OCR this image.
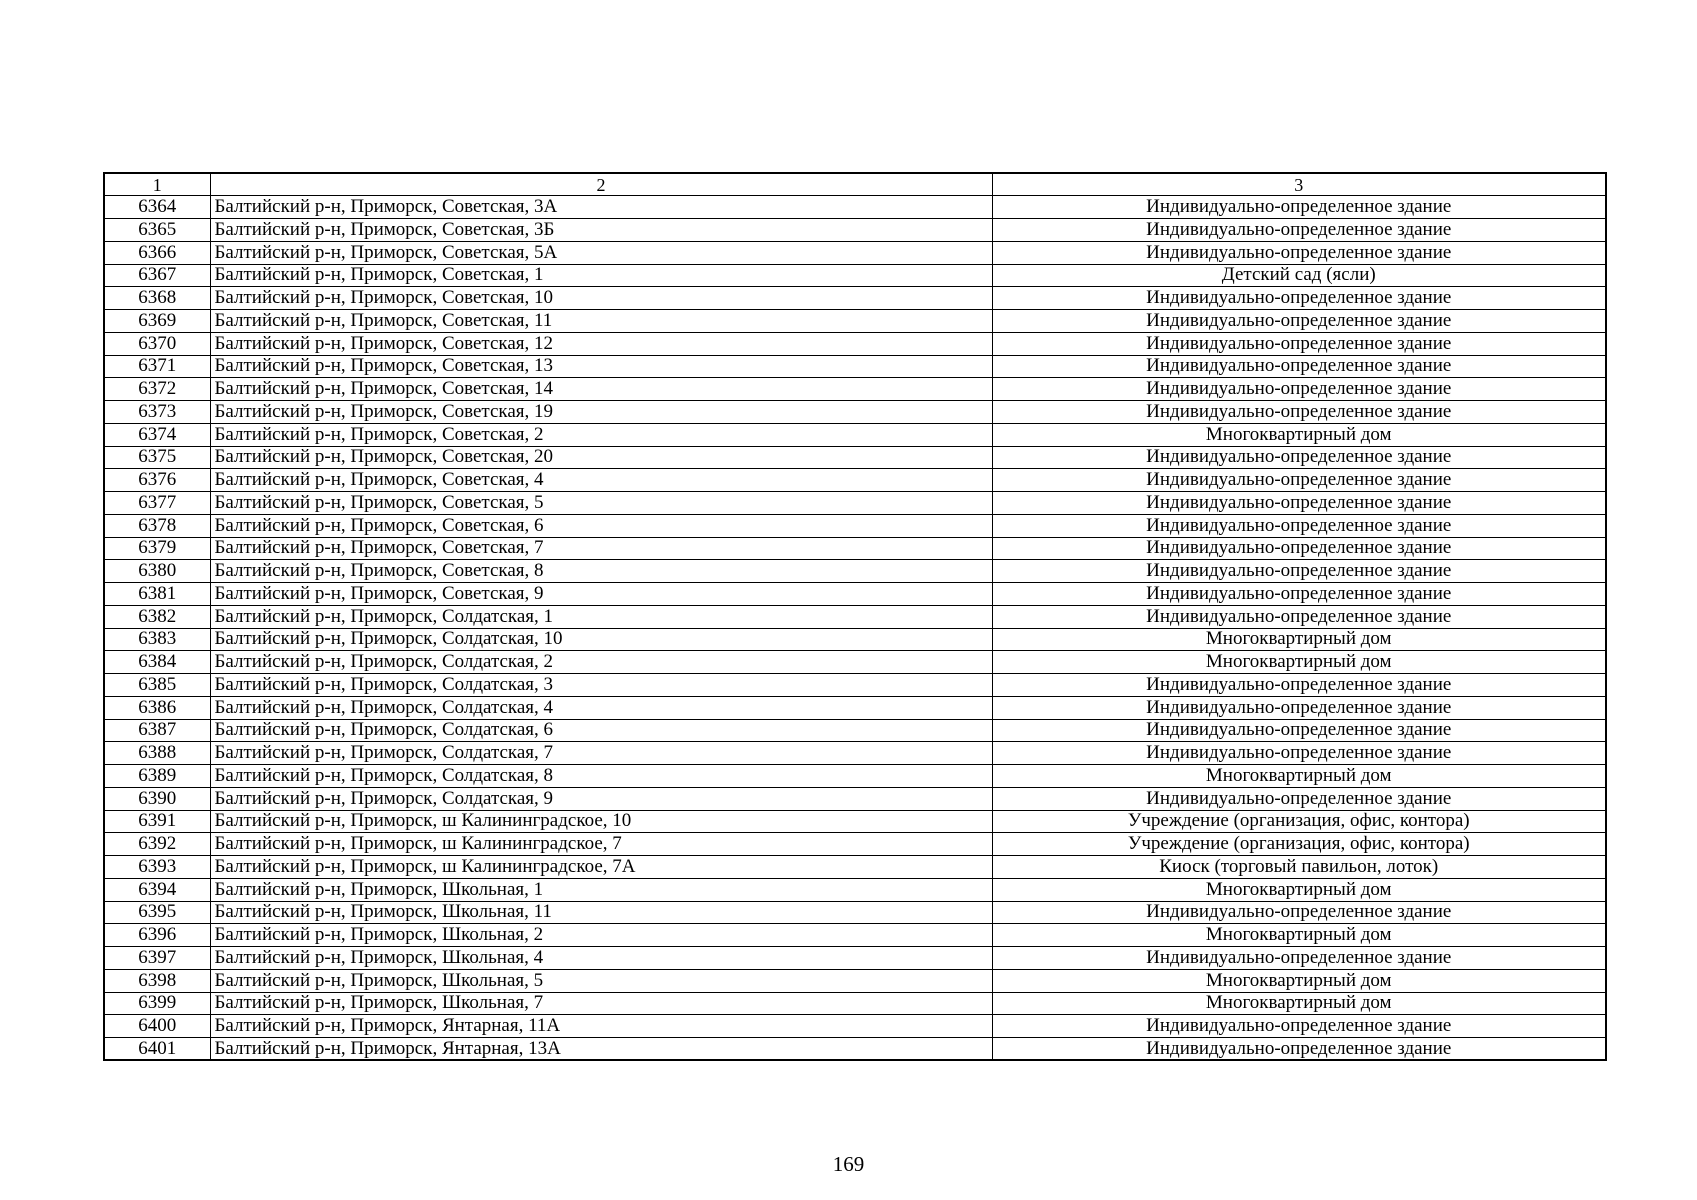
1	2	3
6364	Балтийский р-н, Приморск, Советская, 3А	Индивидуально-определенное здание
6365	Балтийский р-н, Приморск, Советская, 3Б	Индивидуально-определенное здание
6366	Балтийский р-н, Приморск, Советская, 5А	Индивидуально-определенное здание
6367	Балтийский р-н, Приморск, Советская, 1	Детский сад (ясли)
6368	Балтийский р-н, Приморск, Советская, 10	Индивидуально-определенное здание
6369	Балтийский р-н, Приморск, Советская, 11	Индивидуально-определенное здание
6370	Балтийский р-н, Приморск, Советская, 12	Индивидуально-определенное здание
6371	Балтийский р-н, Приморск, Советская, 13	Индивидуально-определенное здание
6372	Балтийский р-н, Приморск, Советская, 14	Индивидуально-определенное здание
6373	Балтийский р-н, Приморск, Советская, 19	Индивидуально-определенное здание
6374	Балтийский р-н, Приморск, Советская, 2	Многоквартирный дом
6375	Балтийский р-н, Приморск, Советская, 20	Индивидуально-определенное здание
6376	Балтийский р-н, Приморск, Советская, 4	Индивидуально-определенное здание
6377	Балтийский р-н, Приморск, Советская, 5	Индивидуально-определенное здание
6378	Балтийский р-н, Приморск, Советская, 6	Индивидуально-определенное здание
6379	Балтийский р-н, Приморск, Советская, 7	Индивидуально-определенное здание
6380	Балтийский р-н, Приморск, Советская, 8	Индивидуально-определенное здание
6381	Балтийский р-н, Приморск, Советская, 9	Индивидуально-определенное здание
6382	Балтийский р-н, Приморск, Солдатская, 1	Индивидуально-определенное здание
6383	Балтийский р-н, Приморск, Солдатская, 10	Многоквартирный дом
6384	Балтийский р-н, Приморск, Солдатская, 2	Многоквартирный дом
6385	Балтийский р-н, Приморск, Солдатская, 3	Индивидуально-определенное здание
6386	Балтийский р-н, Приморск, Солдатская, 4	Индивидуально-определенное здание
6387	Балтийский р-н, Приморск, Солдатская, 6	Индивидуально-определенное здание
6388	Балтийский р-н, Приморск, Солдатская, 7	Индивидуально-определенное здание
6389	Балтийский р-н, Приморск, Солдатская, 8	Многоквартирный дом
6390	Балтийский р-н, Приморск, Солдатская, 9	Индивидуально-определенное здание
6391	Балтийский р-н, Приморск, ш Калининградское, 10	Учреждение (организация, офис, контора)
6392	Балтийский р-н, Приморск, ш Калининградское, 7	Учреждение (организация, офис, контора)
6393	Балтийский р-н, Приморск, ш Калининградское, 7А	Киоск (торговый павильон, лоток)
6394	Балтийский р-н, Приморск, Школьная, 1	Многоквартирный дом
6395	Балтийский р-н, Приморск, Школьная, 11	Индивидуально-определенное здание
6396	Балтийский р-н, Приморск, Школьная, 2	Многоквартирный дом
6397	Балтийский р-н, Приморск, Школьная, 4	Индивидуально-определенное здание
6398	Балтийский р-н, Приморск, Школьная, 5	Многоквартирный дом
6399	Балтийский р-н, Приморск, Школьная, 7	Многоквартирный дом
6400	Балтийский р-н, Приморск, Янтарная, 11А	Индивидуально-определенное здание
6401	Балтийский р-н, Приморск, Янтарная, 13А	Индивидуально-определенное здание
169
